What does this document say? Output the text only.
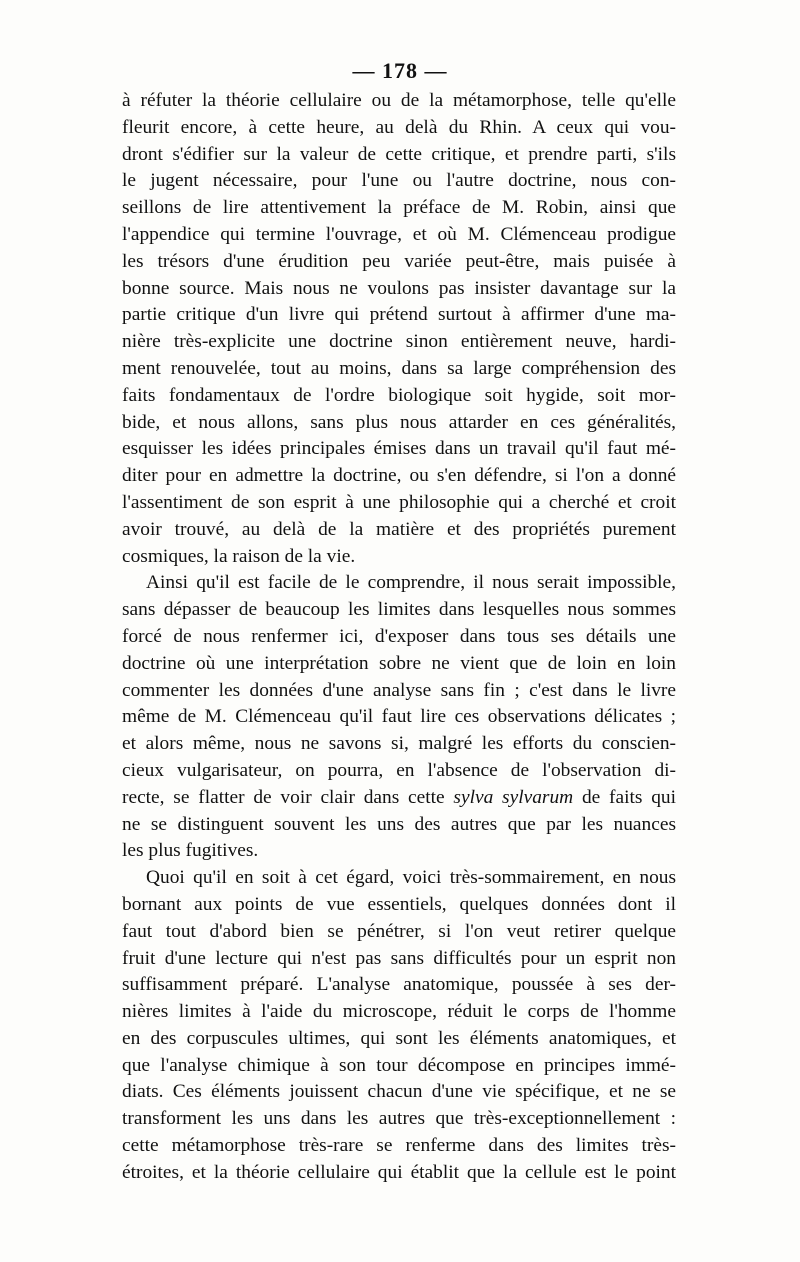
— 178 —
à réfuter la théorie cellulaire ou de la métamorphose, telle qu'elle
fleurit encore, à cette heure, au delà du Rhin. A ceux qui vou-
dront s'édifier sur la valeur de cette critique, et prendre parti, s'ils
le jugent nécessaire, pour l'une ou l'autre doctrine, nous con-
seillons de lire attentivement la préface de M. Robin, ainsi que
l'appendice qui termine l'ouvrage, et où M. Clémenceau prodigue
les trésors d'une érudition peu variée peut-être, mais puisée à
bonne source. Mais nous ne voulons pas insister davantage sur la
partie critique d'un livre qui prétend surtout à affirmer d'une ma-
nière très-explicite une doctrine sinon entièrement neuve, hardi-
ment renouvelée, tout au moins, dans sa large compréhension des
faits fondamentaux de l'ordre biologique soit hygide, soit mor-
bide, et nous allons, sans plus nous attarder en ces généralités,
esquisser les idées principales émises dans un travail qu'il faut mé-
diter pour en admettre la doctrine, ou s'en défendre, si l'on a donné
l'assentiment de son esprit à une philosophie qui a cherché et croit
avoir trouvé, au delà de la matière et des propriétés purement
cosmiques, la raison de la vie.
Ainsi qu'il est facile de le comprendre, il nous serait impossible,
sans dépasser de beaucoup les limites dans lesquelles nous sommes
forcé de nous renfermer ici, d'exposer dans tous ses détails une
doctrine où une interprétation sobre ne vient que de loin en loin
commenter les données d'une analyse sans fin ; c'est dans le livre
même de M. Clémenceau qu'il faut lire ces observations délicates ;
et alors même, nous ne savons si, malgré les efforts du conscien-
cieux vulgarisateur, on pourra, en l'absence de l'observation di-
recte, se flatter de voir clair dans cette sylva sylvarum de faits qui
ne se distinguent souvent les uns des autres que par les nuances
les plus fugitives.
Quoi qu'il en soit à cet égard, voici très-sommairement, en nous
bornant aux points de vue essentiels, quelques données dont il
faut tout d'abord bien se pénétrer, si l'on veut retirer quelque
fruit d'une lecture qui n'est pas sans difficultés pour un esprit non
suffisamment préparé. L'analyse anatomique, poussée à ses der-
nières limites à l'aide du microscope, réduit le corps de l'homme
en des corpuscules ultimes, qui sont les éléments anatomiques, et
que l'analyse chimique à son tour décompose en principes immé-
diats. Ces éléments jouissent chacun d'une vie spécifique, et ne se
transforment les uns dans les autres que très-exceptionnellement :
cette métamorphose très-rare se renferme dans des limites très-
étroites, et la théorie cellulaire qui établit que la cellule est le point
